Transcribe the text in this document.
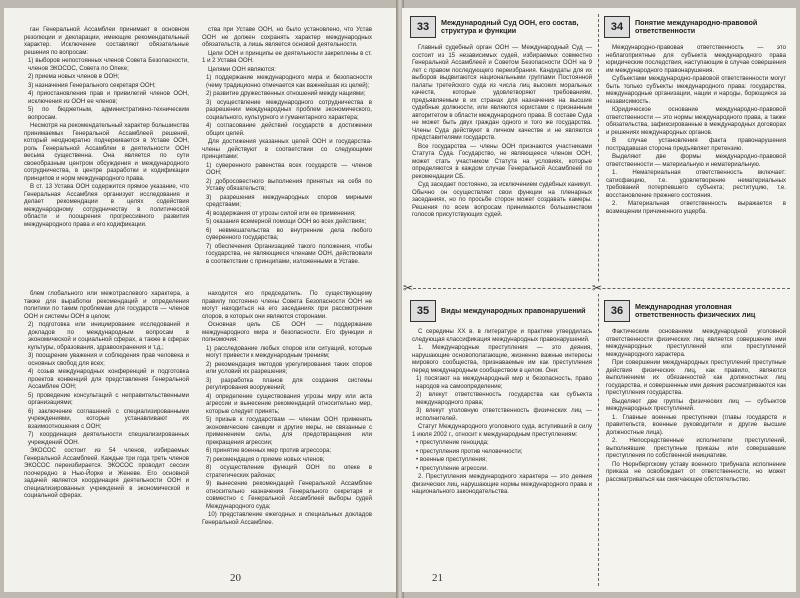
ган Генеральной Ассамблеи принимает в основном резолюции и декларации, имеющие рекомендательный характер. Исключение составляют обязательные решения по вопросам:

1) выборов непостоянных членов Совета Безопасности, членов ЭКОСОС, Совета по Опеке;

2) приема новых членов в ООН;

3) назначения Генерального секретаря ООН;

4) приостановления прав и привилегий членов ООН, исключения из ООН ее членов;

5) по бюджетным, административно-техническим вопросам.

Несмотря на рекомендательный характер большинства принимаемых Генеральной Ассамблеей решений, который неоднократно подчеркивается в Уставе ООН, роль Генеральной Ассамблеи в деятельности ООН весьма существенна. Она является по сути своеобразным центром обсуждения и международного сотрудничества, в центре разработки и кодификации принципов и норм международного права.

В ст. 13 Устава ООН содержится прямое указание, что Генеральная Ассамблея организует исследования и делает рекомендации в целях содействия международному сотрудничеству в политической области и поощрения прогрессивного развития международного права и его кодификации.

ства при Уставе ООН, но было установлено, что Устав ООН не должен сохранять характер международных обязательств, а лишь является основой деятельности.

Цели ООН и принципы ее деятельности закреплены в ст. 1 и 2 Устава ООН.

Целями ООН являются:

1) поддержание международного мира и безопасности (чему традиционно отмечается как важнейшая из целей);

2) развитие дружественных отношений между нациями;

3) осуществление международного сотрудничества в разрешении международных проблем экономического, социального, культурного и гуманитарного характера;

4) согласование действий государств в достижении общих целей.

Для достижения указанных целей ООН и государства-члены действуют в соответствии со следующими принципами:

1) суверенного равенства всех государств — членов ООН;

2) добросовестного выполнения принятых на себя по Уставу обязательств;

3) разрешения международных споров мирными средствами;

4) воздержания от угрозы силой или ее применения;

5) оказания всемерной помощи ООН во всех действиях;

6) невмешательства во внутренние дела любого суверенного государства;

7) обеспечения Организацией такого положения, чтобы государства, не являющиеся членами ООН, действовали в соответствии с принципами, изложенными в Уставе.

блем глобального или межотраслевого характера, а также для выработки рекомендаций и определения политики по таким проблемам для государств — членов ООН и системы ООН в целом;

2) подготовка или инициирование исследований и докладов по международным вопросам в экономической и социальной сферах, а также в сферах культуры, образования, здравоохранения и т.д.;

3) поощрение уважения и соблюдения прав человека и основных свобод для всех;

4) созыв международных конференций и подготовка проектов конвенций для представления Генеральной Ассамблее ООН;

5) проведение консультаций с неправительственными организациями;

6) заключение соглашений с специализированными учреждениями, которые устанавливают их взаимоотношения с ООН;

7) координация деятельности специализированных учреждений ООН.

ЭКОСОС состоит из 54 членов, избираемых Генеральной Ассамблеей. Каждые три года треть членов ЭКОСОС переизбирается. ЭКОСОС проводит сессии поочередно в Нью-Йорке и Женеве. Его основной задачей является координация деятельности ООН и специализированных учреждений в экономической и социальной сферах.

находится его председатель. По существующему правилу постоянно члены Совета Безопасности ООН не могут находиться на его заседаниях при рассмотрении споров, в которых они являются сторонами.

Основная цель СБ ООН — поддержание международного мира и безопасности. Его функции и полномочия:

1) расследование любых споров или ситуаций, которые могут привести к международным трениям;

2) рекомендация методов урегулирования таких споров или условий их разрешения;

3) разработка планов для создания системы регулирования вооружений;

4) определение существования угрозы миру или акта агрессии и вынесение рекомендаций относительно мер, которые следует принять;

5) призыв к государствам — членам ООН применять экономические санкции и другие меры, не связанные с применением силы, для предотвращения или прекращения агрессии;

6) принятие военных мер против агрессора;

7) рекомендация о приеме новых членов;

8) осуществление функций ООН по опеке в стратегических районах;

9) вынесение рекомендаций Генеральной Ассамблее относительно назначения Генерального секретаря и совместно с Генеральной Ассамблеей выборы судей Международного суда;

10) представление ежегодных и специальных докладов Генеральной Ассамблее.

20
✂	✂
33	Международный Суд ООН, его состав, структура и функции

Главный судебный орган ООН — Международный Суд — состоит из 15 независимых судей, избираемых совместно Генеральной Ассамблеей и Советом Безопасности ООН на 9 лет с правом последующего переизбрания. Кандидаты для их выборов выдвигаются национальными группами Постоянной палаты третейского суда из числа лиц высоких моральных качеств, которые удовлетворяют требованиям, предъявляемым в их странах для назначения на высшие судебные должности, или являются юристами с признанным авторитетом в области международного права. В составе Суда не может быть двух граждан одного и того же государства. Члены Суда действуют в личном качестве и не являются представителями государств.

Все государства — члены ООН признаются участниками Статута Суда. Государство, не являющееся членом ООН, может стать участником Статута на условиях, которые определяются в каждом случае Генеральной Ассамблеей по рекомендации СБ.

Суд заседает постоянно, за исключением судебных каникул. Обычно он осуществляет свои функции на пленарных заседаниях, но по просьбе сторон может создавать камеры. Решения по всем вопросам принимаются большинством голосов присутствующих судей.

34	Понятие международно-правовой ответственности

Международно-правовая ответственность — это неблагоприятные для субъекта международного права юридические последствия, наступающие в случае совершения им международного правонарушения.

Субъектами международно-правовой ответственности могут быть только субъекты международного права: государства, международные организации, нации и народы, борющиеся за независимость.

Юридическое основание международно-правовой ответственности — это нормы международного права, а также обязательства, зафиксированные в международных договорах и решениях международных органов.

В случае установления факта правонарушения пострадавшая сторона предъявляет претензию.

Выделяют две формы международно-правовой ответственности — материальную и нематериальную.

1. Нематериальная ответственность включает: сатисфакцию, т.е. удовлетворение нематериальных требований потерпевшего субъекта; реституцию, т.е. восстановление прежнего состояния.

2. Материальная ответственность выражается в возмещении причиненного ущерба.

35	Виды международных правонарушений

С середины XX в. в литературе и практике утвердилась следующая классификация международных правонарушений.

1. Международные преступления — это деяния, нарушающие основополагающие, жизненно важные интересы мирового сообщества, признаваемые им как преступления перед международным сообществом в целом. Они:

1) посягают на международный мир и безопасность, право народов на самоопределение;

2) влекут ответственность государства как субъекта международного права;

3) влекут уголовную ответственность физических лиц — исполнителей.

Статут Международного уголовного суда, вступивший в силу 1 июля 2002 г., относит к международным преступлениям:

• преступление геноцида;

• преступления против человечности;

• военные преступления;

• преступление агрессии.

2. Преступления международного характера — это деяния физических лиц, нарушающие нормы международного права и национального законодательства.

36	Международная уголовная ответственность физических лиц

Фактическим основанием международной уголовной ответственности физических лиц является совершение ими международных преступлений или преступлений международного характера.

При совершении международных преступлений преступные действия физических лиц, как правило, являются выполнением их обязанностей как должностных лиц государства, и совершенные ими деяния рассматриваются как преступления государства.

Выделяют две группы физических лиц — субъектов международных преступлений.

1. Главные военные преступники (главы государств и правительств, военные руководители и другие высшие должностные лица).

2. Непосредственные исполнители преступлений, выполнявшие преступные приказы или совершавшие преступления по собственной инициативе.

По Нюрнбергскому уставу военного трибунала исполнение приказа не освобождает от ответственности, но может рассматриваться как смягчающее обстоятельство.

21
